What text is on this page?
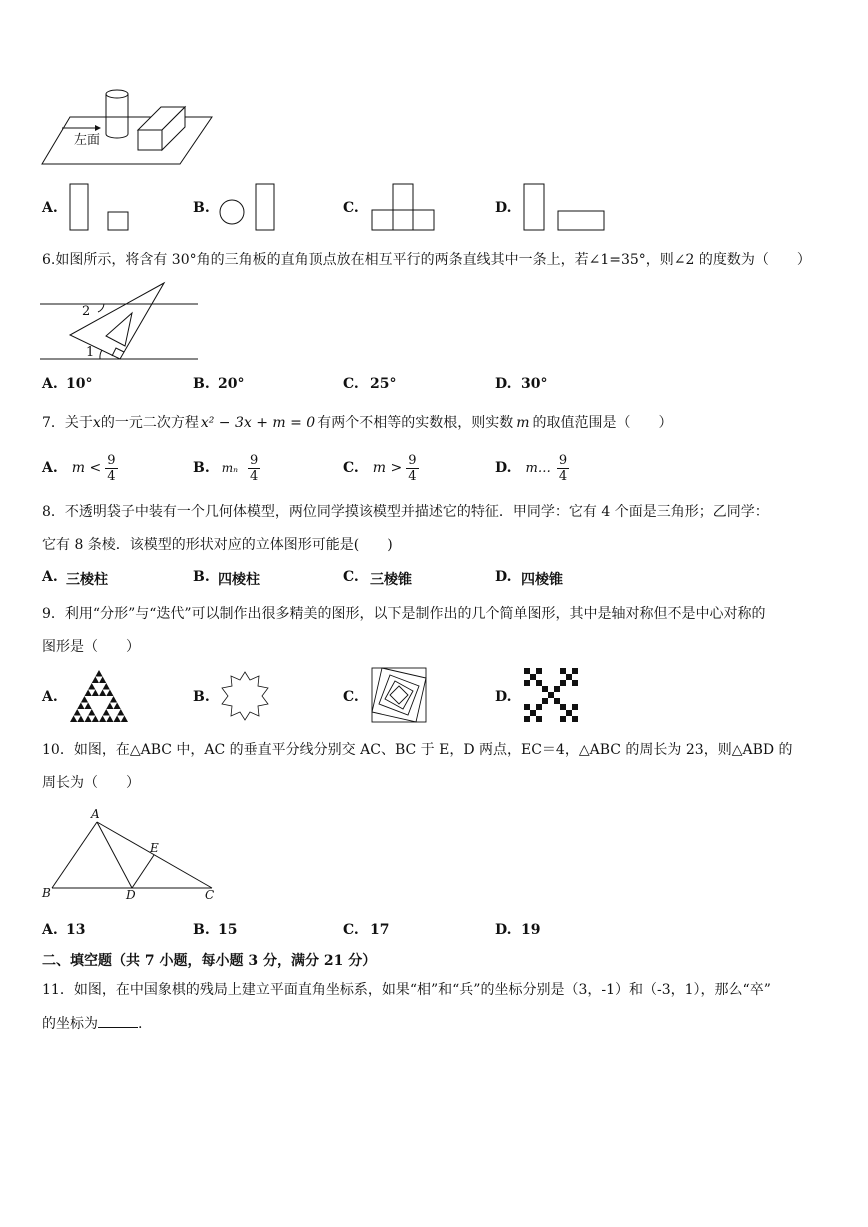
左面
A.	B.	C.	D.
6.如图所示，将含有 30°角的三角板的直角顶点放在相互平行的两条直线其中一条上，若∠1=35°，则∠2 的度数为（　　）
2
1
A. 10°	B. 20°	C. 25°	D. 30°
7．关于x的一元二次方程 x² − 3x + m = 0 有两个不相等的实数根，则实数 m 的取值范围是（　　）
A. $m < \frac{9}{4}$	B. mₙ $\frac{9}{4}$	C. $m > \frac{9}{4}$	D. m… $\frac{9}{4}$
8．不透明袋子中装有一个几何体模型，两位同学摸该模型并描述它的特征．甲同学：它有 4 个面是三角形；乙同学：
它有 8 条棱．该模型的形状对应的立体图形可能是(　　)
A. 三棱柱	B. 四棱柱	C. 三棱锥	D. 四棱锥
9．利用“分形”与“迭代”可以制作出很多精美的图形，以下是制作出的几个简单图形，其中是轴对称但不是中心对称的
图形是（　　）
A.	B.	C.	D.
10．如图，在△ABC 中，AC 的垂直平分线分别交 AC、BC 于 E，D 两点，EC＝4，△ABC 的周长为 23，则△ABD 的
周长为（　　）
A
B	C
D
E
A. 13	B. 15	C. 17	D. 19
二、填空题（共 7 小题，每小题 3 分，满分 21 分）
11．如图，在中国象棋的残局上建立平面直角坐标系，如果“相”和“兵”的坐标分别是（3，-1）和（-3，1），那么“卒”
的坐标为	.
